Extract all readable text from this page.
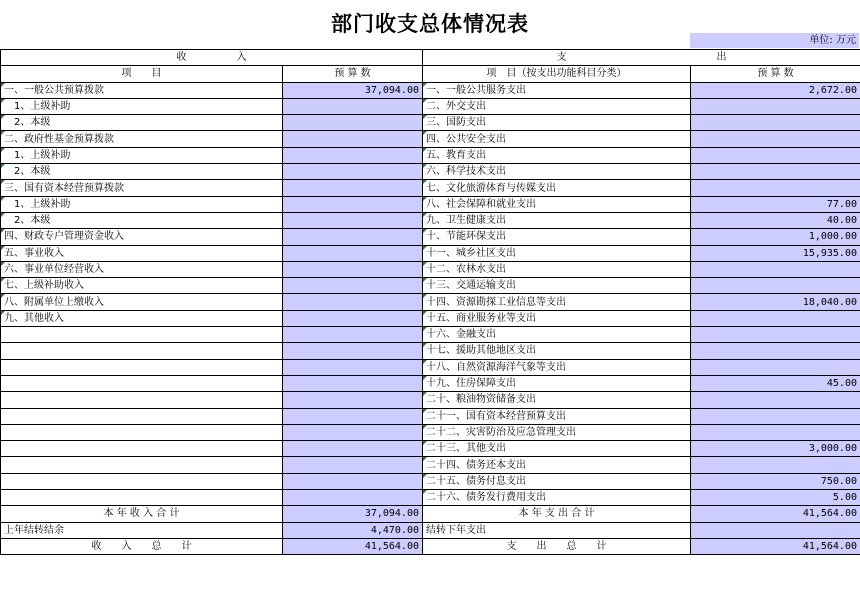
部门收支总体情况表
单位: 万元
收　　　　　入		支　　　　　　　　　　　　　　　出	
项　　目	预 算 数	项　目（按支出功能科目分类）	预 算 数
一、一般公共预算拨款	37,094.00	一、一般公共服务支出	2,672.00
　1、上级补助		二、外交支出	
　2、本级		三、国防支出	
二、政府性基金预算拨款		四、公共安全支出	
　1、上级补助		五、教育支出	
　2、本级		六、科学技术支出	
三、国有资本经营预算拨款		七、文化旅游体育与传媒支出	
　1、上级补助		八、社会保障和就业支出	77.00
　2、本级		九、卫生健康支出	40.00
四、财政专户管理资金收入		十、节能环保支出	1,000.00
五、事业收入		十一、城乡社区支出	15,935.00
六、事业单位经营收入		十二、农林水支出	
七、上级补助收入		十三、交通运输支出	
八、附属单位上缴收入		十四、资源勘探工业信息等支出	18,040.00
九、其他收入		十五、商业服务业等支出	
		十六、金融支出	
		十七、援助其他地区支出	
		十八、自然资源海洋气象等支出	
		十九、住房保障支出	45.00
		二十、粮油物资储备支出	
		二十一、国有资本经营预算支出	
		二十二、灾害防治及应急管理支出	
		二十三、其他支出	3,000.00
		二十四、债务还本支出	
		二十五、债务付息支出	750.00
		二十六、债务发行费用支出	5.00
本 年 收 入 合 计	37,094.00	本 年 支 出 合 计	41,564.00
上年结转结余	4,470.00	结转下年支出	
收　　入　　总　　计	41,564.00	支　　出　　总　　计	41,564.00
